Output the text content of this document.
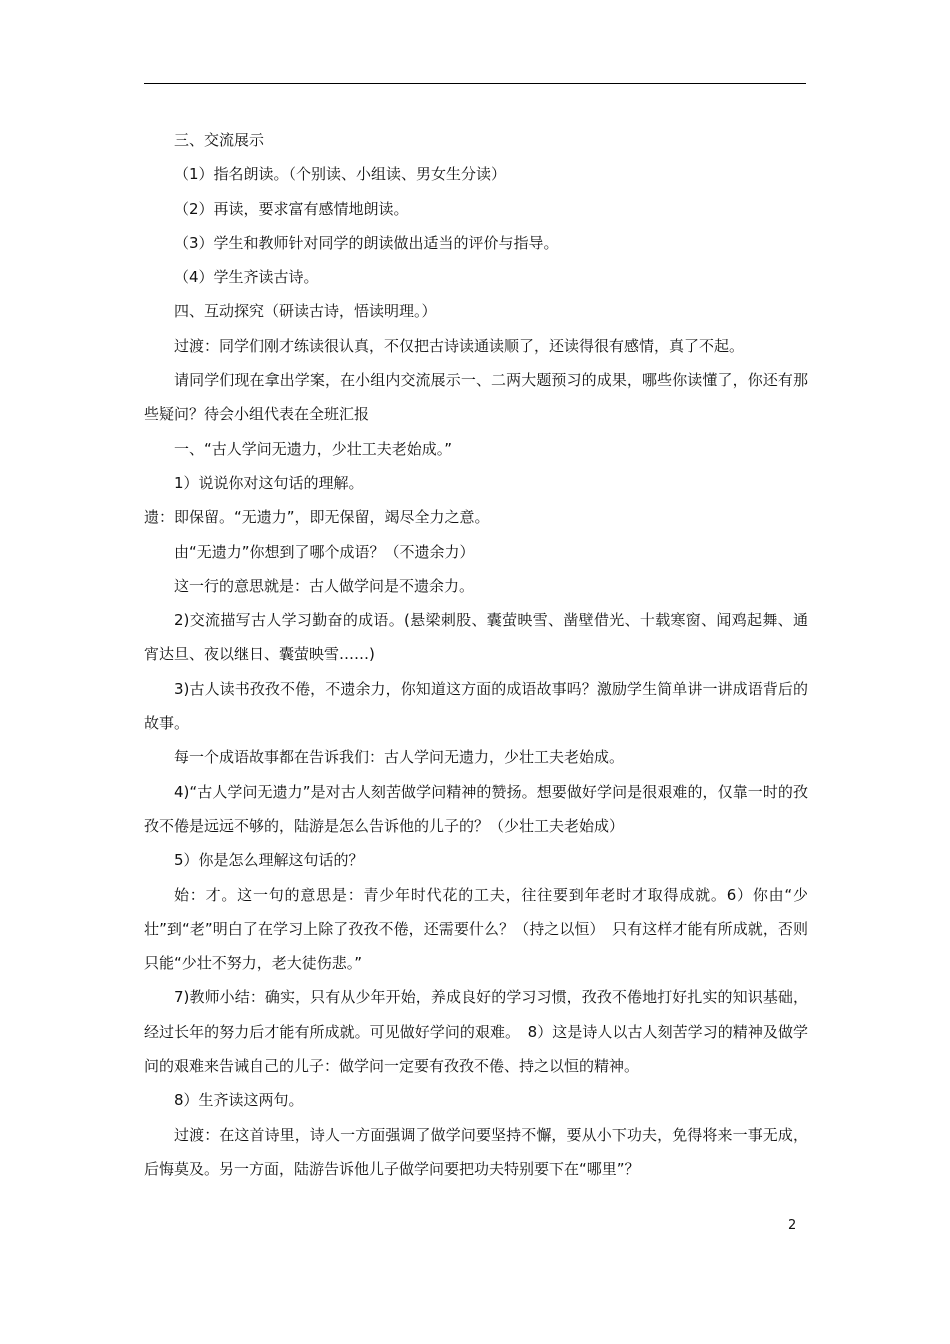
三、交流展示

（1）指名朗读。（个别读、小组读、男女生分读）

（2）再读，要求富有感情地朗读。

（3）学生和教师针对同学的朗读做出适当的评价与指导。

（4）学生齐读古诗。

四、互动探究（研读古诗，悟读明理。）

过渡：同学们刚才练读很认真，不仅把古诗读通读顺了，还读得很有感情，真了不起。

请同学们现在拿出学案，在小组内交流展示一、二两大题预习的成果，哪些你读懂了，你还有那些疑问？待会小组代表在全班汇报

一、“古人学问无遗力，少壮工夫老始成。”

1）说说你对这句话的理解。

遗：即保留。“无遗力”，即无保留，竭尽全力之意。

由“无遗力”你想到了哪个成语？（不遗余力）

这一行的意思就是：古人做学问是不遗余力。

2)交流描写古人学习勤奋的成语。(悬梁刺股、囊萤映雪、凿壁借光、十载寒窗、闻鸡起舞、通宵达旦、夜以继日、囊萤映雪……)

3)古人读书孜孜不倦，不遗余力，你知道这方面的成语故事吗？激励学生简单讲一讲成语背后的故事。

每一个成语故事都在告诉我们：古人学问无遗力，少壮工夫老始成。

4)“古人学问无遗力”是对古人刻苦做学问精神的赞扬。想要做好学问是很艰难的，仅靠一时的孜孜不倦是远远不够的，陆游是怎么告诉他的儿子的？（少壮工夫老始成）

5）你是怎么理解这句话的？

始：才。这一句的意思是：青少年时代花的工夫，往往要到年老时才取得成就。6）你由“少壮”到“老”明白了在学习上除了孜孜不倦，还需要什么？（持之以恒）　只有这样才能有所成就，否则只能“少壮不努力，老大徒伤悲。”

7)教师小结：确实，只有从少年开始，养成良好的学习习惯，孜孜不倦地打好扎实的知识基础，经过长年的努力后才能有所成就。可见做好学问的艰难。　8）这是诗人以古人刻苦学习的精神及做学问的艰难来告诫自己的儿子：做学问一定要有孜孜不倦、持之以恒的精神。

8）生齐读这两句。

过渡：在这首诗里，诗人一方面强调了做学问要坚持不懈，要从小下功夫，免得将来一事无成，后悔莫及。另一方面，陆游告诉他儿子做学问要把功夫特别要下在“哪里”？

2
